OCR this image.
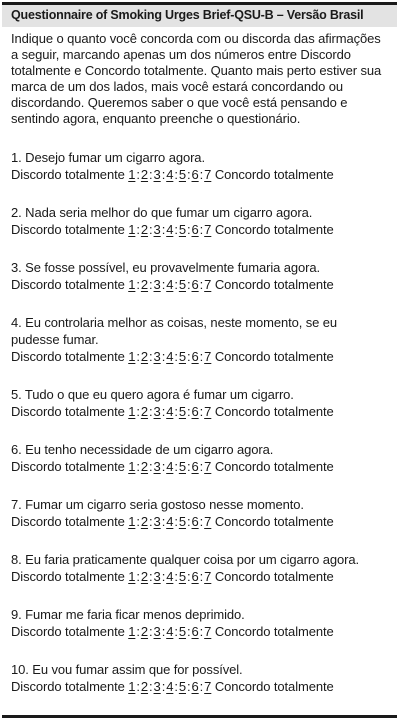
Questionnaire of Smoking Urges Brief-QSU-B – Versão Brasil
Indique o quanto você concorda com ou discorda das afirmações a seguir, marcando apenas um dos números entre Discordo totalmente e Concordo totalmente. Quanto mais perto estiver sua marca de um dos lados, mais você estará concordando ou discordando. Queremos saber o que você está pensando e sentindo agora, enquanto preenche o questionário.
1. Desejo fumar um cigarro agora.
Discordo totalmente 1:2:3:4:5:6:7 Concordo totalmente
2. Nada seria melhor do que fumar um cigarro agora.
Discordo totalmente 1:2:3:4:5:6:7 Concordo totalmente
3. Se fosse possível, eu provavelmente fumaria agora.
Discordo totalmente 1:2:3:4:5:6:7 Concordo totalmente
4. Eu controlaria melhor as coisas, neste momento, se eu pudesse fumar.
Discordo totalmente 1:2:3:4:5:6:7 Concordo totalmente
5. Tudo o que eu quero agora é fumar um cigarro.
Discordo totalmente 1:2:3:4:5:6:7 Concordo totalmente
6. Eu tenho necessidade de um cigarro agora.
Discordo totalmente 1:2:3:4:5:6:7 Concordo totalmente
7. Fumar um cigarro seria gostoso nesse momento.
Discordo totalmente 1:2:3:4:5:6:7 Concordo totalmente
8. Eu faria praticamente qualquer coisa por um cigarro agora.
Discordo totalmente 1:2:3:4:5:6:7 Concordo totalmente
9. Fumar me faria ficar menos deprimido.
Discordo totalmente 1:2:3:4:5:6:7 Concordo totalmente
10. Eu vou fumar assim que for possível.
Discordo totalmente 1:2:3:4:5:6:7 Concordo totalmente
